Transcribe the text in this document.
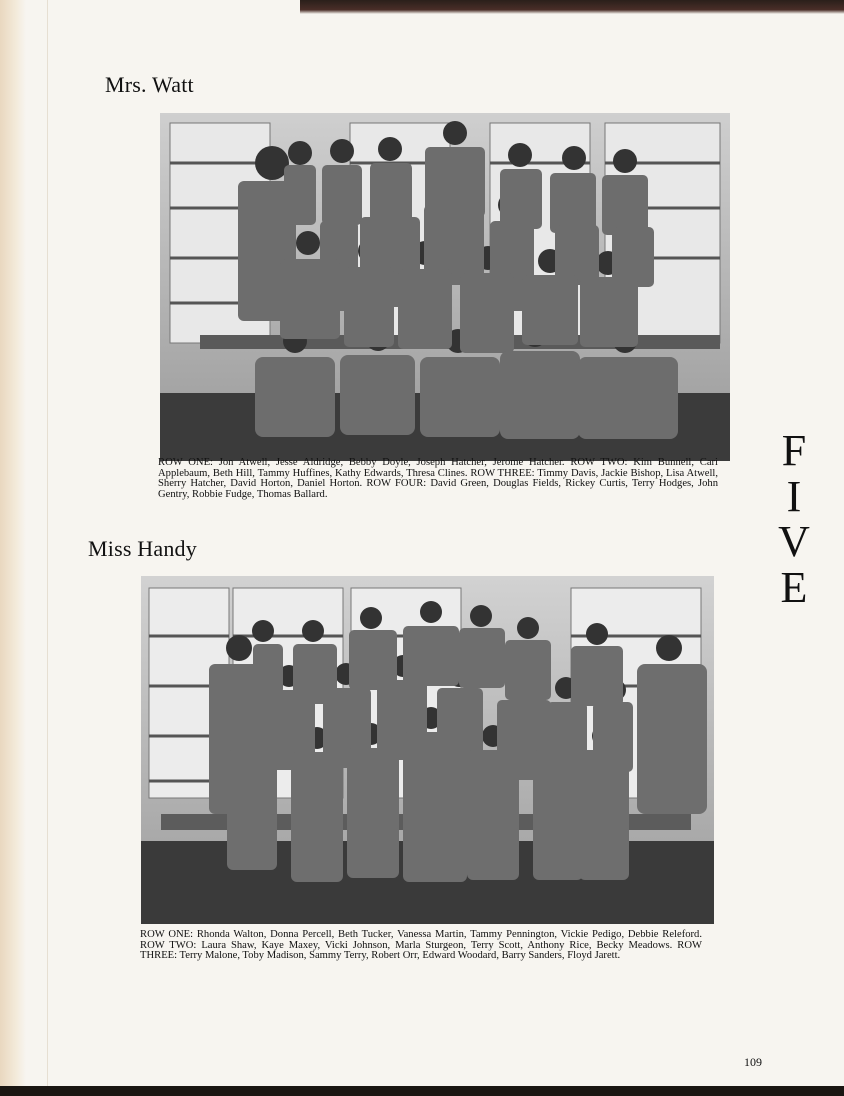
Mrs. Watt

ROW ONE: Jon Atwell, Jesse Aldridge, Bebby Doyle, Joseph Hatcher, Jerome Hatcher. ROW TWO: Kim Bunnell, Cari Applebaum, Beth Hill, Tammy Huffines, Kathy Edwards, Thresa Clines. ROW THREE: Timmy Davis, Jackie Bishop, Lisa Atwell, Sherry Hatcher, David Horton, Daniel Horton. ROW FOUR: David Green, Douglas Fields, Rickey Curtis, Terry Hodges, John Gentry, Robbie Fudge, Thomas Ballard.

Miss Handy

ROW ONE: Rhonda Walton, Donna Percell, Beth Tucker, Vanessa Martin, Tammy Pennington, Vickie Pedigo, Debbie Releford. ROW TWO: Laura Shaw, Kaye Maxey, Vicki Johnson, Marla Sturgeon, Terry Scott, Anthony Rice, Becky Meadows. ROW THREE: Terry Malone, Toby Madison, Sammy Terry, Robert Orr, Edward Woodard, Barry Sanders, Floyd Jarett.

F
I
V
E
109
